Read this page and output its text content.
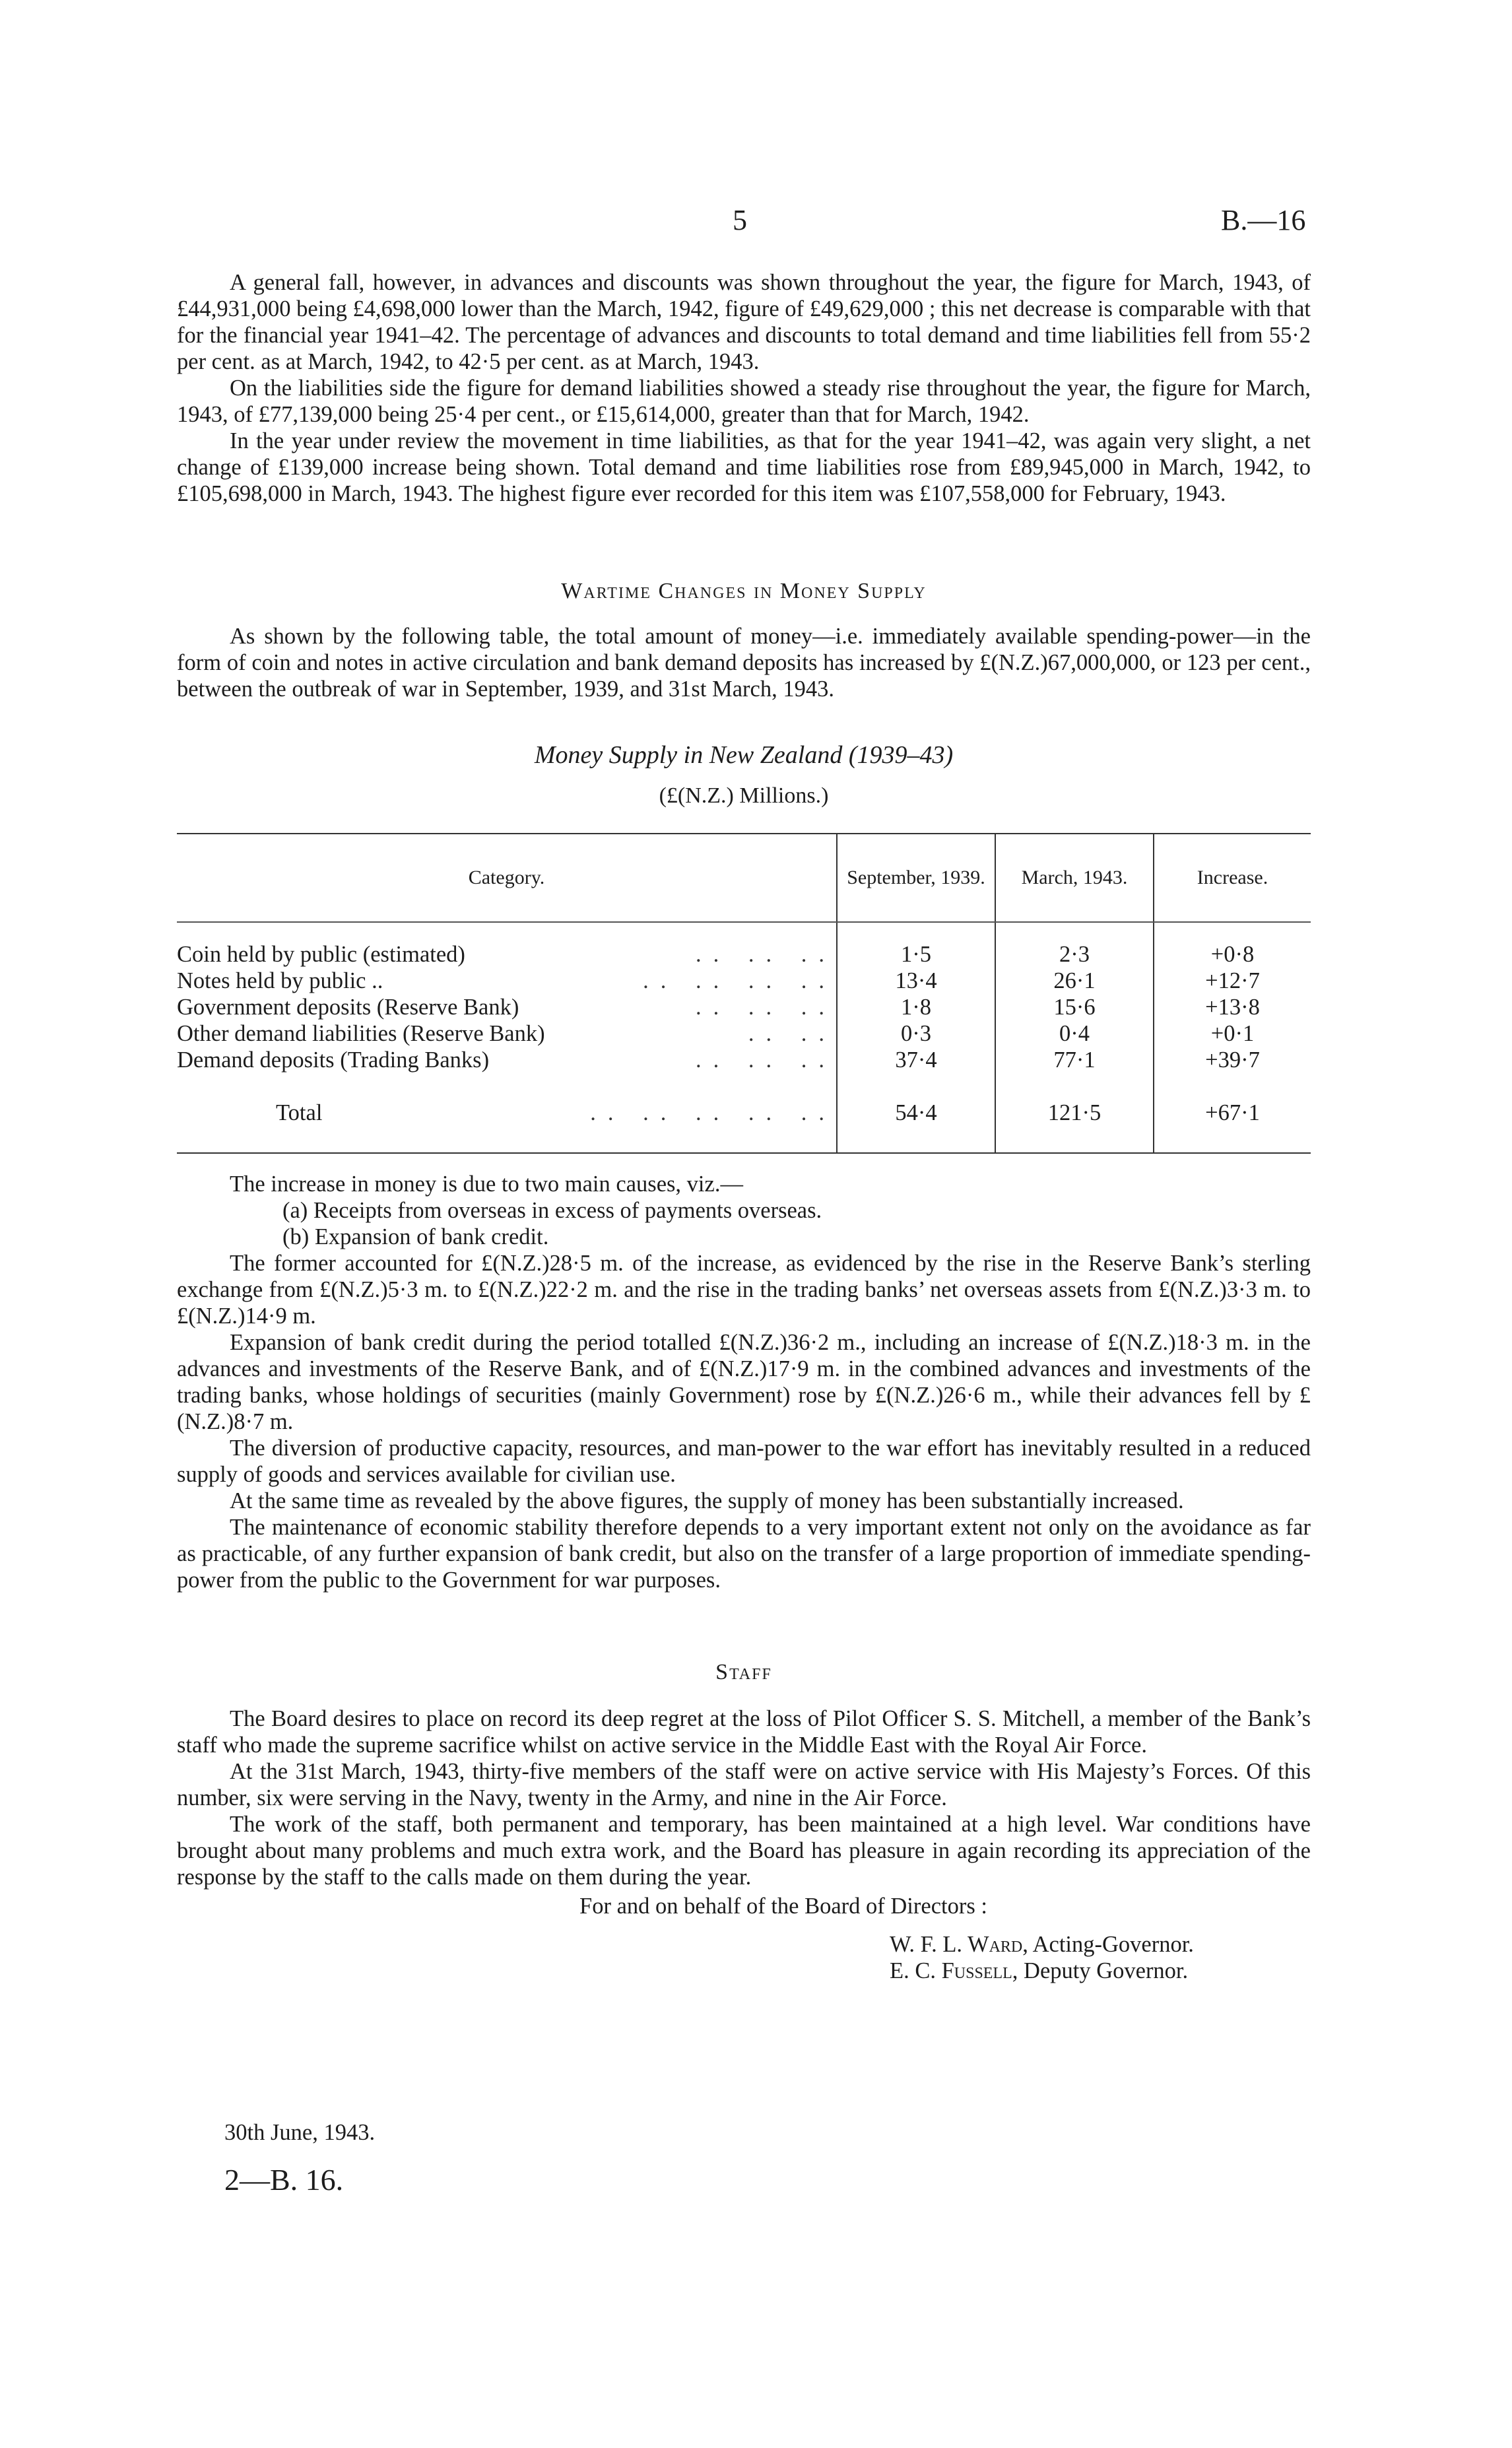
5	B.—16

A general fall, however, in advances and discounts was shown throughout the year, the figure for March, 1943, of £44,931,000 being £4,698,000 lower than the March, 1942, figure of £49,629,000 ; this net decrease is comparable with that for the financial year 1941–42. The percentage of advances and discounts to total demand and time liabilities fell from 55·2 per cent. as at March, 1942, to 42·5 per cent. as at March, 1943.

On the liabilities side the figure for demand liabilities showed a steady rise throughout the year, the figure for March, 1943, of £77,139,000 being 25·4 per cent., or £15,614,000, greater than that for March, 1942.

In the year under review the movement in time liabilities, as that for the year 1941–42, was again very slight, a net change of £139,000 increase being shown. Total demand and time liabilities rose from £89,945,000 in March, 1942, to £105,698,000 in March, 1943. The highest figure ever recorded for this item was £107,558,000 for February, 1943.

Wartime Changes in Money Supply

As shown by the following table, the total amount of money—i.e. immediately available spending-power—in the form of coin and notes in active circulation and bank demand deposits has increased by £(N.Z.)67,000,000, or 123 per cent., between the outbreak of war in September, 1939, and 31st March, 1943.

Money Supply in New Zealand (1939–43)
(£(N.Z.) Millions.)
Category.	September, 1939.	March, 1943.	Increase.

Coin held by public (estimated) .. .. ..	1·5	2·3	+0·8

Notes held by public .. .. .. .. ..	13·4	26·1	+12·7

Government deposits (Reserve Bank) .. .. ..	1·8	15·6	+13·8

Other demand liabilities (Reserve Bank) .. ..	0·3	0·4	+0·1

Demand deposits (Trading Banks) .. .. ..	37·4	77·1	+39·7

Total .. .. .. .. ..	54·4	121·5	+67·1

The increase in money is due to two main causes, viz.—

(a) Receipts from overseas in excess of payments overseas.

(b) Expansion of bank credit.

The former accounted for £(N.Z.)28·5 m. of the increase, as evidenced by the rise in the Reserve Bank’s sterling exchange from £(N.Z.)5·3 m. to £(N.Z.)22·2 m. and the rise in the trading banks’ net overseas assets from £(N.Z.)3·3 m. to £(N.Z.)14·9 m.

Expansion of bank credit during the period totalled £(N.Z.)36·2 m., including an increase of £(N.Z.)18·3 m. in the advances and investments of the Reserve Bank, and of £(N.Z.)17·9 m. in the combined advances and investments of the trading banks, whose holdings of securities (mainly Government) rose by £(N.Z.)26·6 m., while their advances fell by £(N.Z.)8·7 m.

The diversion of productive capacity, resources, and man-power to the war effort has inevitably resulted in a reduced supply of goods and services available for civilian use.

At the same time as revealed by the above figures, the supply of money has been substantially increased.

The maintenance of economic stability therefore depends to a very important extent not only on the avoidance as far as practicable, of any further expansion of bank credit, but also on the transfer of a large proportion of immediate spending-power from the public to the Government for war purposes.

Staff

The Board desires to place on record its deep regret at the loss of Pilot Officer S. S. Mitchell, a member of the Bank’s staff who made the supreme sacrifice whilst on active service in the Middle East with the Royal Air Force.

At the 31st March, 1943, thirty-five members of the staff were on active service with His Majesty’s Forces. Of this number, six were serving in the Navy, twenty in the Army, and nine in the Air Force.

The work of the staff, both permanent and temporary, has been maintained at a high level. War conditions have brought about many problems and much extra work, and the Board has pleasure in again recording its appreciation of the response by the staff to the calls made on them during the year.

For and on behalf of the Board of Directors :
W. F. L. Ward, Acting-Governor.
E. C. Fussell, Deputy Governor.
30th June, 1943.
2—B. 16.
